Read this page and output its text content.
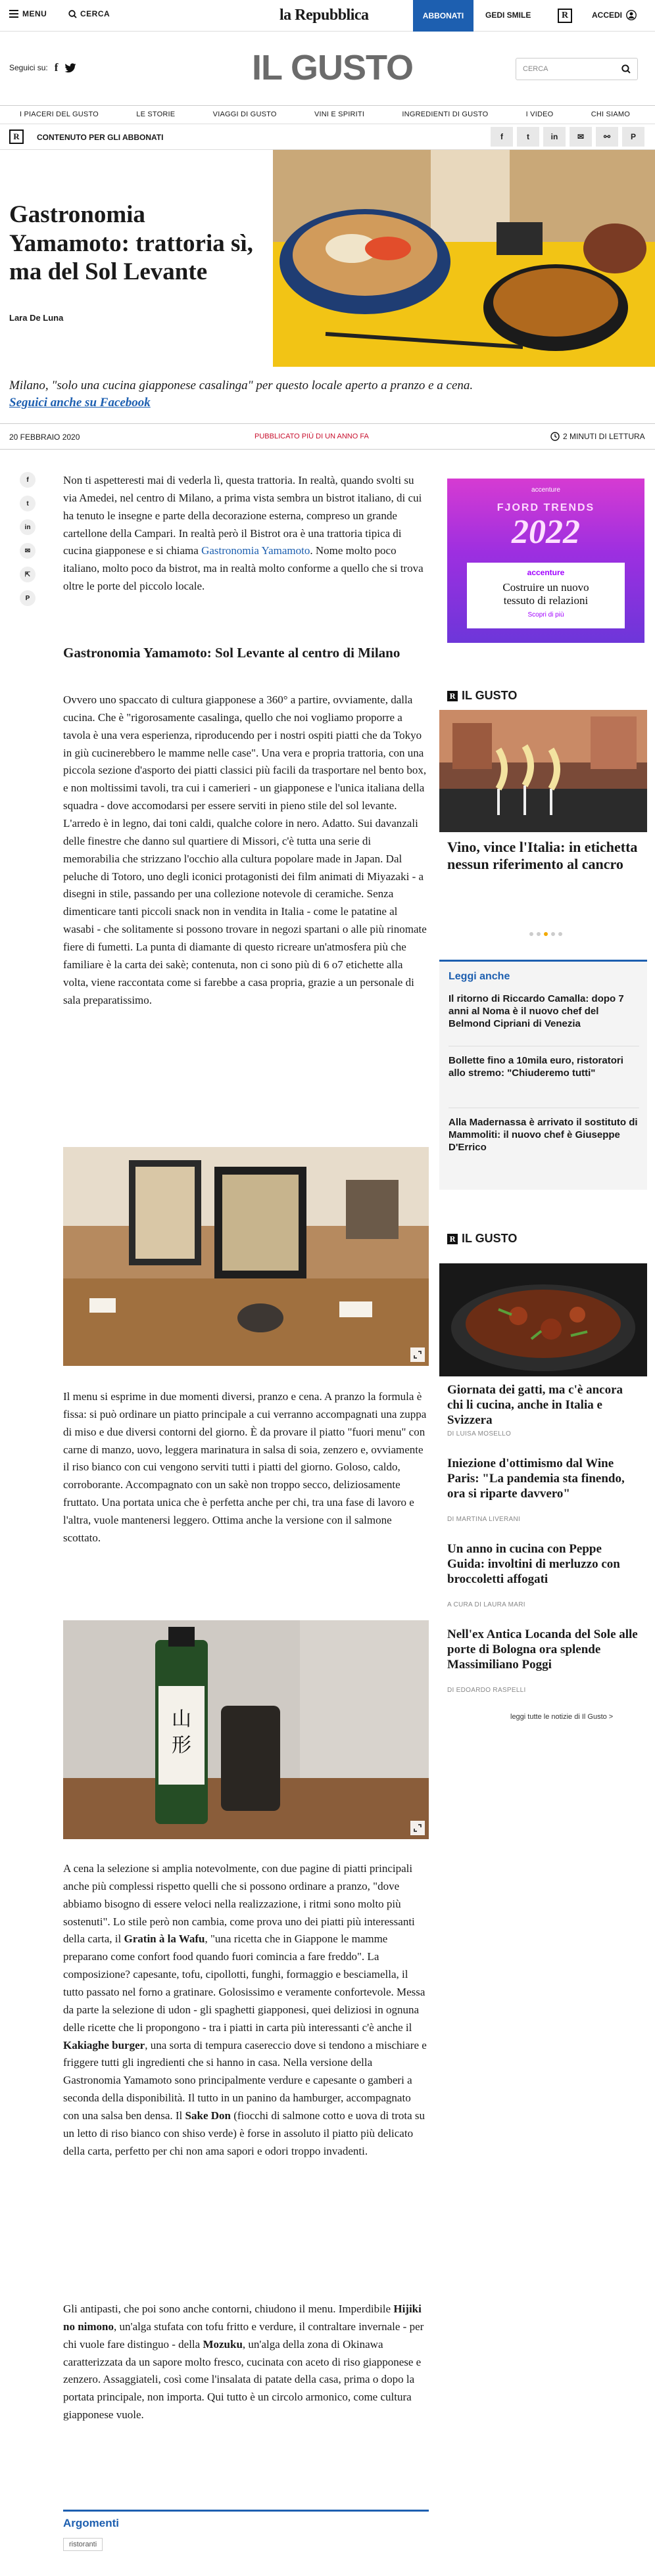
MENU	CERCA	la Repubblica	ABBONATI	GEDI SMILE	R	ACCEDI
Seguici su: f	IL GUSTO	CERCA
I PIACERI DEL GUSTO	LE STORIE	VIAGGI DI GUSTO	VINI E SPIRITI	INGREDIENTI DI GUSTO	I VIDEO	CHI SIAMO
R	CONTENUTO PER GLI ABBONATI	f	t	in	✉	⚯	P
Gastronomia Yamamoto: trattoria sì, ma del Sol Levante
Lara De Luna

Milano, "solo una cucina giapponese casalinga" per questo locale aperto a pranzo e a cena.
Seguici anche su Facebook

20 FEBBRAIO 2020	PUBBLICATO PIÙ DI UN ANNO FA	2 MINUTI DI LETTURA
f
t
in
✉
⇱
P

Non ti aspetteresti mai di vederla lì, questa trattoria. In realtà, quando svolti su via Amedei, nel centro di Milano, a prima vista sembra un bistrot italiano, di cui ha tenuto le insegne e parte della decorazione esterna, compreso un grande cartellone della Campari. In realtà però il Bistrot ora è una trattoria tipica di cucina giapponese e si chiama Gastronomia Yamamoto. Nome molto poco italiano, molto poco da bistrot, ma in realtà molto conforme a quello che si trova oltre le porte del piccolo locale.

Gastronomia Yamamoto: Sol Levante al centro di Milano

Ovvero uno spaccato di cultura giapponese a 360° a partire, ovviamente, dalla cucina. Che è "rigorosamente casalinga, quello che noi vogliamo proporre a tavola è una vera esperienza, riproducendo per i nostri ospiti piatti che da Tokyo in giù cucinerebbero le mamme nelle case". Una vera e propria trattoria, con una piccola sezione d'asporto dei piatti classici più facili da trasportare nel bento box, e non moltissimi tavoli, tra cui i camerieri - un giapponese e l'unica italiana della squadra - dove accomodarsi per essere serviti in pieno stile del sol levante. L'arredo è in legno, dai toni caldi, qualche colore in nero. Adatto. Sui davanzali delle finestre che danno sul quartiere di Missori, c'è tutta una serie di memorabilia che strizzano l'occhio alla cultura popolare made in Japan. Dal peluche di Totoro, uno degli iconici protagonisti dei film animati di Miyazaki - a disegni in stile, passando per una collezione notevole di ceramiche. Senza dimenticare tanti piccoli snack non in vendita in Italia - come le patatine al wasabi - che solitamente si possono trovare in negozi spartani o alle più rinomate fiere di fumetti. La punta di diamante di questo ricreare un'atmosfera più che familiare è la carta dei sakè; contenuta, non ci sono più di 6 o7 etichette alla volta, viene raccontata come si farebbe a casa propria, grazie a un personale di sala preparatissimo.

Il menu si esprime in due momenti diversi, pranzo e cena. A pranzo la formula è fissa: si può ordinare un piatto principale a cui verranno accompagnati una zuppa di miso e due diversi contorni del giorno. È da provare il piatto "fuori menu" con carne di manzo, uovo, leggera marinatura in salsa di soia, zenzero e, ovviamente il riso bianco con cui vengono serviti tutti i piatti del giorno. Goloso, caldo, corroborante. Accompagnato con un sakè non troppo secco, deliziosamente fruttato. Una portata unica che è perfetta anche per chi, tra una fase di lavoro e l'altra, vuole mantenersi leggero. Ottima anche la versione con il salmone scottato.

山
形

A cena la selezione si amplia notevolmente, con due pagine di piatti principali anche più complessi rispetto quelli che si possono ordinare a pranzo, "dove abbiamo bisogno di essere veloci nella realizzazione, i ritmi sono molto più sostenuti". Lo stile però non cambia, come prova uno dei piatti più interessanti della carta, il Gratin à la Wafu, "una ricetta che in Giappone le mamme preparano come confort food quando fuori comincia a fare freddo". La composizione? capesante, tofu, cipollotti, funghi, formaggio e besciamella, il tutto passato nel forno a gratinare. Golosissimo e veramente confortevole. Messa da parte la selezione di udon - gli spaghetti giapponesi, quei deliziosi in ognuna delle ricette che li propongono - tra i piatti in carta più interessanti c'è anche il Kakiaghe burger, una sorta di tempura casereccio dove si tendono a mischiare e friggere tutti gli ingredienti che si hanno in casa. Nella versione della Gastronomia Yamamoto sono principalmente verdure e capesante o gamberi a seconda della disponibilità. Il tutto in un panino da hamburger, accompagnato con una salsa ben densa. Il Sake Don (fiocchi di salmone cotto e uova di trota su un letto di riso bianco con shiso verde) è forse in assoluto il piatto più delicato della carta, perfetto per chi non ama sapori e odori troppo invadenti.

Gli antipasti, che poi sono anche contorni, chiudono il menu. Imperdibile Hijiki no nimono, un'alga stufata con tofu fritto e verdure, il contraltare invernale - per chi vuole fare distinguo - della Mozuku, un'alga della zona di Okinawa caratterizzata da un sapore molto fresco, cucinata con aceto di riso giapponese e zenzero. Assaggiateli, così come l'insalata di patate della casa, prima o dopo la portata principale, non importa. Qui tutto è un circolo armonico, come cultura giapponese vuole.

Argomenti
ristoranti
accenture
FJORD TRENDS
2022
accenture
Costruire un nuovo
tessuto di relazioni
Scopri di più
R IL GUSTO
Vino, vince l'Italia: in etichetta nessun riferimento al cancro
Leggi anche
Il ritorno di Riccardo Camalla: dopo 7 anni al Noma è il nuovo chef del Belmond Cipriani di Venezia
Bollette fino a 10mila euro, ristoratori allo stremo: "Chiuderemo tutti"
Alla Madernassa è arrivato il sostituto di Mammoliti: il nuovo chef è Giuseppe D'Errico
R IL GUSTO
Giornata dei gatti, ma c'è ancora chi li cucina, anche in Italia e Svizzera
DI LUISA MOSELLO
Iniezione d'ottimismo dal Wine Paris: "La pandemia sta finendo, ora si riparte davvero"
DI MARTINA LIVERANI
Un anno in cucina con Peppe Guida: involtini di merluzzo con broccoletti affogati
A CURA DI LAURA MARI
Nell'ex Antica Locanda del Sole alle porte di Bologna ora splende Massimiliano Poggi
DI EDOARDO RASPELLI
leggi tutte le notizie di Il Gusto >
